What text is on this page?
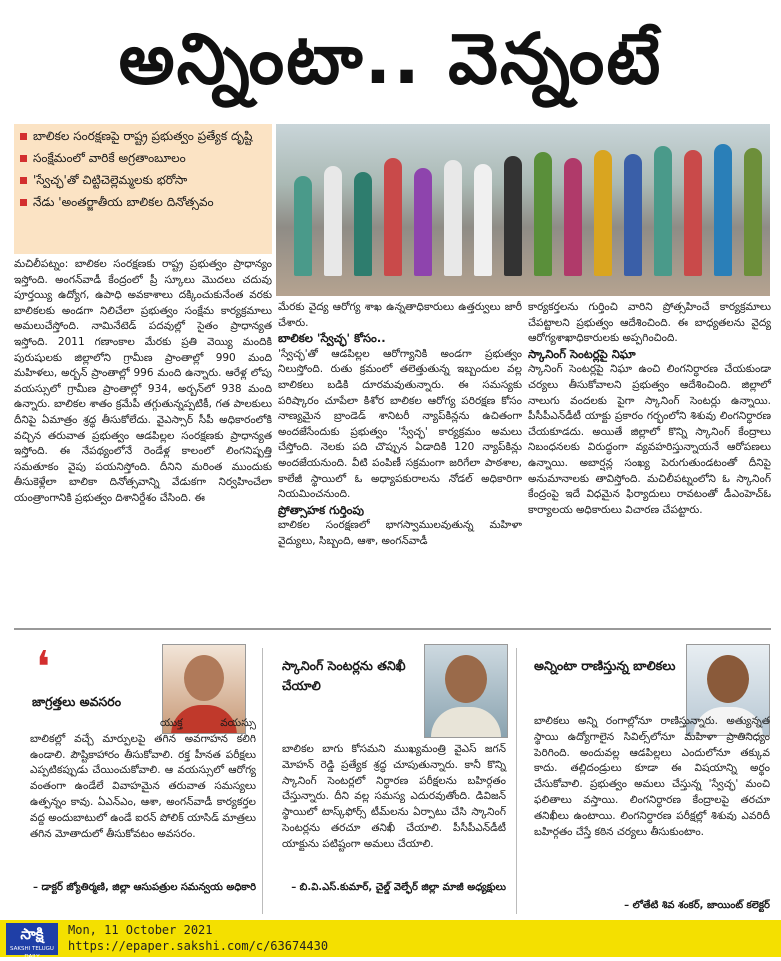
అన్నింటా.. వెన్నంటే
బాలికల సంరక్షణపై రాష్ట్ర ప్రభుత్వం ప్రత్యేక దృష్టి
సంక్షేమంలో వారికే అగ్రతాంబూలం
'స్వేచ్ఛ'తో చిట్టిచెల్లెమ్మలకు భరోసా
నేడు 'అంతర్జాతీయ బాలికల దినోత్సవం

మచిలీపట్నం: బాలికల సంరక్షణకు రాష్ట్ర ప్రభుత్వం ప్రాధాన్యం ఇస్తోంది. అంగన్‌వాడీ కేంద్రంలో ప్రీ స్కూలు మొదలు చదువు పూర్తయ్యి ఉద్యోగ, ఉపాధి అవకాశాలు దక్కించుకునేంత వరకు బాలికలకు అండగా నిలిచేలా ప్రభుత్వం సంక్షేమ కార్యక్రమాలు అమలుచేస్తోంది. నామినేటెడ్ పదవుల్లో సైతం ప్రాధాన్యత ఇస్తోంది. 2011 గణాంకాల మేరకు ప్రతి వెయ్యి మందికి పురుషులకు జిల్లాలోని గ్రామీణ ప్రాంతాల్లో 990 మంది మహిళలు, అర్బన్ ప్రాంతాల్లో 996 మంది ఉన్నారు. ఆరేళ్ల లోపు వయస్సులో గ్రామీణ ప్రాంతాల్లో 934, అర్బన్‌లో 938 మంది ఉన్నారు. బాలికల శాతం క్రమేపీ తగ్గుతున్నప్పటికీ, గత పాలకులు దీనిపై ఏమాత్రం శ్రద్ధ తీసుకోలేదు. వైఎస్సార్ సీపీ అధికారంలోకి వచ్చిన తరువాత ప్రభుత్వం ఆడపిల్లల సంరక్షణకు ప్రాధాన్యత ఇస్తోంది. ఈ నేపథ్యంలోనే రెండేళ్ల కాలంలో లింగనిష్పత్తి సమతూకం వైపు పయనిస్తోంది. దీనిని మరింత ముందుకు తీసుకెళ్లేలా బాలికా దినోత్సవాన్ని వేడుకగా నిర్వహించేలా యంత్రాంగానికి ప్రభుత్వం దిశానిర్దేశం చేసింది. ఈ

మేరకు వైద్య ఆరోగ్య శాఖ ఉన్నతాధికారులు ఉత్తర్వులు జారీ చేశారు.

బాలికల 'స్వేచ్ఛ' కోసం..

'స్వేచ్ఛ'తో ఆడపిల్లల ఆరోగ్యానికి అండగా ప్రభుత్వం నిలుస్తోంది. రుతు క్రమంలో తలెత్తుతున్న ఇబ్బందుల వల్ల బాలికలు బడికి దూరమవుతున్నారు. ఈ సమస్యకు పరిష్కారం చూపేలా కిశోర బాలికల ఆరోగ్య పరిరక్షణ కోసం నాణ్యమైన బ్రాండెడ్ శానిటరీ న్యాప్‌కిన్లను ఉచితంగా అందజేసేందుకు ప్రభుత్వం 'స్వేచ్ఛ' కార్యక్రమం అమలు చేస్తోంది. నెలకు పది చొప్పున ఏడాదికి 120 న్యాప్‌కిన్లు అందజేయనుంది. వీటి పంపిణీ సక్రమంగా జరిగేలా పాఠశాల, కాలేజీ స్థాయిలో ఓ అధ్యాపకురాలను నోడల్ అధికారిగా నియమించనుంది.

ప్రోత్సాహక గుర్తింపు

బాలికల సంరక్షణలో భాగస్వాములవుతున్న మహిళా వైద్యులు, సిబ్బంది, ఆశా, అంగన్‌వాడీ

కార్యకర్తలను గుర్తించి వారిని ప్రోత్సహించే కార్యక్రమాలు చేపట్టాలని ప్రభుత్వం ఆదేశించింది. ఈ బాధ్యతలను వైద్య ఆరోగ్యశాఖాధికారులకు అప్పగించింది.

స్కానింగ్ సెంటర్లపై నిఘా

స్కానింగ్ సెంటర్లపై నిఘా ఉంచి లింగనిర్ధారణ చేయకుండా చర్యలు తీసుకోవాలని ప్రభుత్వం ఆదేశించింది. జిల్లాలో నాలుగు వందలకు పైగా స్కానింగ్ సెంటర్లు ఉన్నాయి. పీసీపీఎన్‌డీటీ యాక్టు ప్రకారం గర్భంలోని శిశువు లింగనిర్ధారణ చేయకూడదు. అయితే జిల్లాలో కొన్ని స్కానింగ్ కేంద్రాలు నిబంధనలకు విరుద్ధంగా వ్యవహరిస్తున్నాయనే ఆరోపణలు ఉన్నాయి. అబార్షన్ల సంఖ్య పెరుగుతుండటంతో దీనిపై అనుమానాలకు తావిస్తోంది. మచిలీపట్నంలోని ఓ స్కానింగ్ కేంద్రంపై ఇదే విధమైన ఫిర్యాదులు రావటంతో డీఎంహెచ్‌ఓ కార్యాలయ అధికారులు విచారణ చేపట్టారు.

❛
జాగ్రత్తలు అవసరం
యుక్త వయస్సు బాలికల్లో వచ్చే మార్పులపై తగిన అవగాహన కలిగి ఉండాలి. పౌష్టికాహారం తీసుకోవాలి. రక్త హీనత పరీక్షలు ఎప్పటికప్పుడు చేయించుకోవాలి. ఆ వయస్సులో ఆరోగ్య వంతంగా ఉండేలే వివాహమైన తరువాత సమస్యలు ఉత్పన్నం కావు. ఏఎన్‌ఎం, ఆశా, అంగన్‌వాడీ కార్యకర్తల వద్ద అందుబాటులో ఉండే ఐరన్ పోలిక్ యాసిడ్ మాత్రలు తగిన మోతాదులో తీసుకోవటం అవసరం.
– డాక్టర్ జ్యోతిర్మణి, జిల్లా ఆసుపత్రుల సమన్వయ అధికారి
స్కానింగ్ సెంటర్లను తనిఖీ చేయాలి
బాలికల బాగు కోసమని ముఖ్యమంత్రి వైఎస్ జగన్ మోహన్ రెడ్డి ప్రత్యేక శ్రద్ధ చూపుతున్నారు. కానీ కొన్ని స్కానింగ్ సెంటర్లలో నిర్ధారణ పరీక్షలను బహిర్గతం చేస్తున్నారు. దీని వల్ల సమస్య ఎదురవుతోంది. డివిజన్ స్థాయిలో టాస్క్‌ఫోర్స్ టీమ్‌లను ఏర్పాటు చేసి స్కానింగ్ సెంటర్లను తరచూ తనిఖీ చేయాలి. పీసీపీఎన్‌డీటీ యాక్టును పటిష్టంగా అమలు చేయాలి.
– బి.వి.ఎస్.కుమార్, చైల్డ్ వెల్ఫేర్ జిల్లా మాజీ అధ్యక్షులు
అన్నింటా రాణిస్తున్న బాలికలు
బాలికలు అన్ని రంగాల్లోనూ రాణిస్తున్నారు. అత్యున్నత స్థాయి ఉద్యోగాలైన సివిల్స్‌లోనూ మహిళా ప్రాతినిధ్యం పెరిగింది. అందువల్ల ఆడపిల్లలు ఎందులోనూ తక్కువ కాదు. తల్లిదండ్రులు కూడా ఈ విషయాన్ని అర్థం చేసుకోవాలి. ప్రభుత్వం అమలు చేస్తున్న 'స్వేచ్ఛ' మంచి ఫలితాలు వస్తాయి. లింగనిర్ధారణ కేంద్రాలపై తరచూ తనిఖీలు ఉంటాయి. లింగనిర్ధారణ పరీక్షల్లో శిశువు ఎవరిదీ బహిర్గతం చేస్తే కఠిన చర్యలు తీసుకుంటాం.
– లోతేటి శివ శంకర్, జాయింట్ కలెక్టర్
సాక్షి
SAKSHI TELUGU DAILY
Mon, 11 October 2021
https://epaper.sakshi.com/c/63674430
